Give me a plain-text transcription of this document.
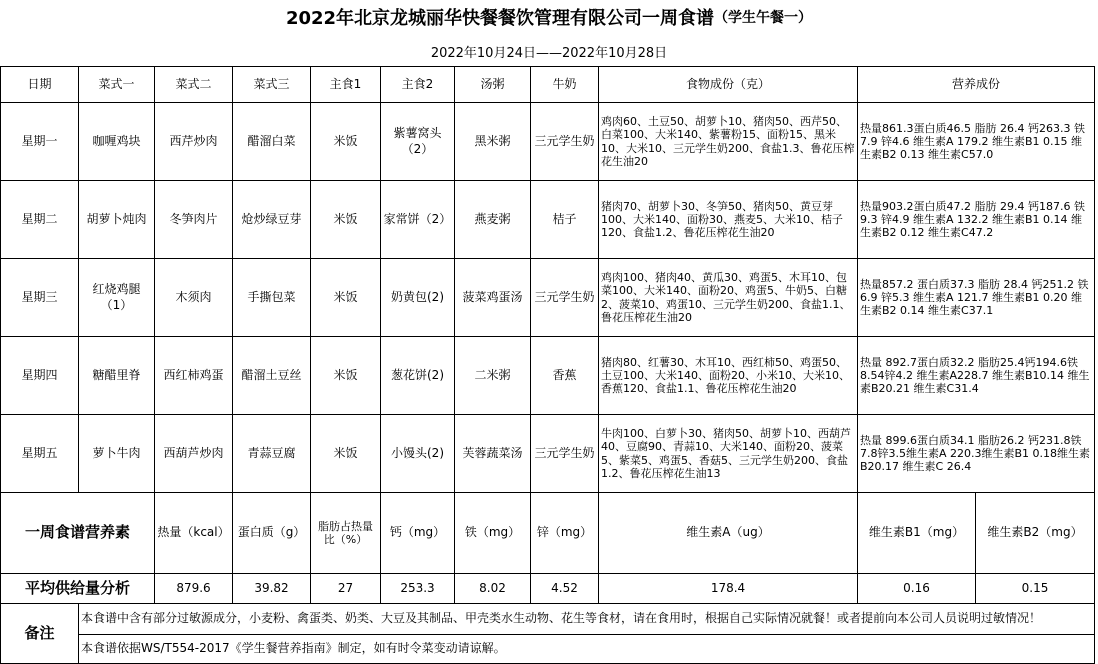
2022年北京龙城丽华快餐餐饮管理有限公司一周食谱 （学生午餐一）
2022年10月24日——2022年10月28日
日期	菜式一	菜式二	菜式三	主食1	主食2	汤粥	牛奶	食物成份（克）	营养成份		
星期一	咖喱鸡块	西芹炒肉	醋溜白菜	米饭	紫薯窝头（2）	黑米粥	三元学生奶	鸡肉60、土豆50、胡萝卜10、猪肉50、西芹50、白菜100、大米140、紫薯粉15、面粉15、黑米10、大米10、三元学生奶200、食盐1.3、鲁花压榨花生油20	热量861.3蛋白质46.5 脂肪 26.4 钙263.3 铁7.9 锌4.6 维生素A 179.2 维生素B1 0.15 维生素B2 0.13 维生素C57.0		
星期二	胡萝卜炖肉	冬笋肉片	炝炒绿豆芽	米饭	家常饼（2）	燕麦粥	桔子	猪肉70、胡萝卜30、冬笋50、猪肉50、黄豆芽100、大米140、面粉30、燕麦5、大米10、桔子120、食盐1.2、鲁花压榨花生油20	热量903.2蛋白质47.2 脂肪 29.4 钙187.6 铁9.3 锌4.9 维生素A 132.2 维生素B1 0.14 维生素B2 0.12 维生素C47.2		
星期三	红烧鸡腿（1）	木须肉	手撕包菜	米饭	奶黄包(2)	菠菜鸡蛋汤	三元学生奶	鸡肉100、猪肉40、黄瓜30、鸡蛋5、木耳10、包菜100、大米140、面粉20、鸡蛋5、牛奶5、白糖2、菠菜10、鸡蛋10、三元学生奶200、食盐1.1、鲁花压榨花生油20	热量857.2 蛋白质37.3 脂肪 28.4 钙251.2 铁6.9 锌5.3 维生素A 121.7 维生素B1 0.20 维生素B2 0.14 维生素C37.1		
星期四	糖醋里脊	西红柿鸡蛋	醋溜土豆丝	米饭	葱花饼(2)	二米粥	香蕉	猪肉80、红薯30、木耳10、西红柿50、鸡蛋50、土豆100、大米140、面粉20、小米10、大米10、香蕉120、食盐1.1、鲁花压榨花生油20	热量 892.7蛋白质32.2 脂肪25.4钙194.6铁8.54锌4.2 维生素A228.7 维生素B10.14 维生素B20.21 维生素C31.4		
星期五	萝卜牛肉	西葫芦炒肉	青蒜豆腐	米饭	小馒头(2)	芙蓉蔬菜汤	三元学生奶	牛肉100、白萝卜30、猪肉50、胡萝卜10、西葫芦40、豆腐90、青蒜10、大米140、面粉20、菠菜5、紫菜5、鸡蛋5、香菇5、三元学生奶200、食盐1.2、鲁花压榨花生油13	热量 899.6蛋白质34.1 脂肪26.2 钙231.8铁7.8锌3.5维生素A 220.3维生素B1 0.18维生素B20.17 维生素C 26.4		
一周食谱营养素		热量（kcal）	蛋白质（g）	脂肪占热量比（%）	钙（mg）	铁（mg）	锌（mg）	维生素A（ug）	维生素B1（mg）	维生素B2（mg）	
平均供给量分析		879.6	39.82	27	253.3	8.02	4.52	178.4	0.16	0.15	
备注	本食谱中含有部分过敏源成分，小麦粉、禽蛋类、奶类、大豆及其制品、甲壳类水生动物、花生等食材，请在食用时，根据自己实际情况就餐！或者提前向本公司人员说明过敏情况！										
	本食谱依据WS/T554-2017《学生餐营养指南》制定，如有时令菜变动请谅解。										
